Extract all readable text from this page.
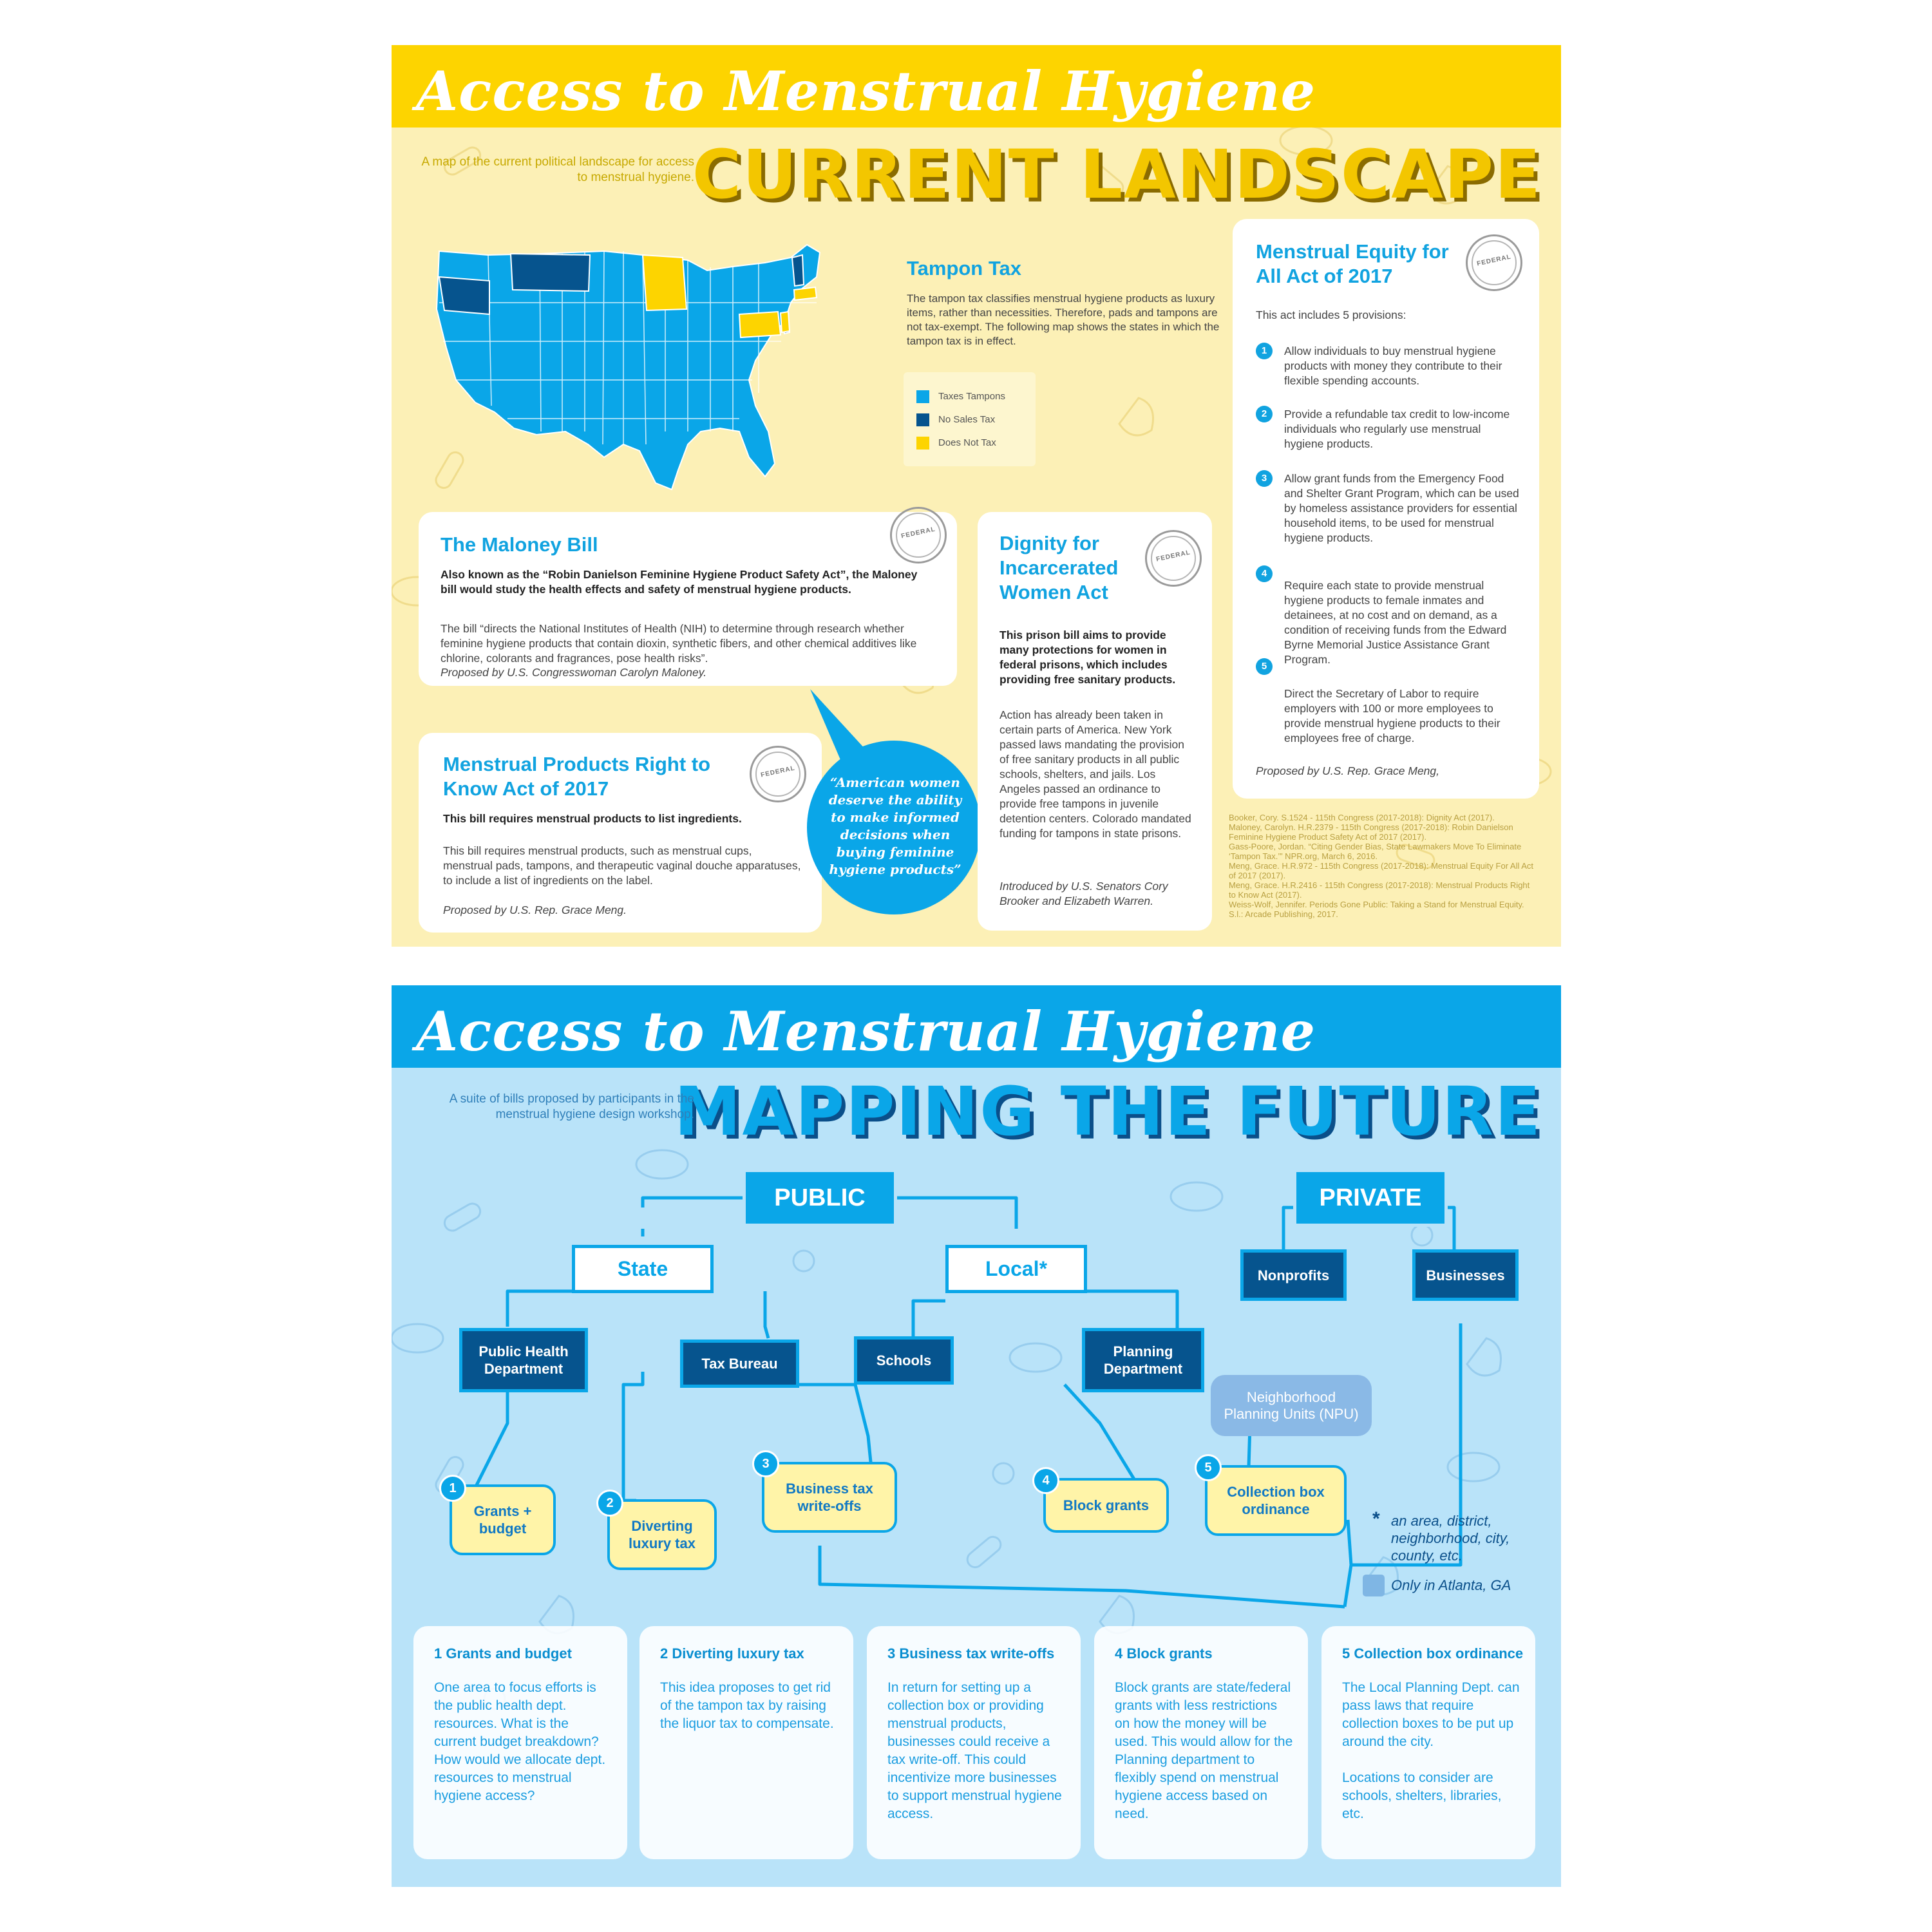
Access to Menstrual Hygiene
CURRENT LANDSCAPE
A map of the current political landscape for access to menstrual hygiene.
Tampon Tax
The tampon tax classifies menstrual hygiene products as luxury items, rather than necessities. Therefore, pads and tampons are not tax-exempt. The following map shows the states in which the tampon tax is in effect.
Taxes Tampons
No Sales Tax
Does Not Tax
The Maloney Bill
FEDERAL
Also known as the “Robin Danielson Feminine Hygiene Product Safety Act”, the Maloney bill would study the health effects and safety of menstrual hygiene products.
The bill “directs the National Institutes of Health (NIH) to determine through research whether feminine hygiene products that contain dioxin, synthetic fibers, and other chemical additives like chlorine, colorants and fragrances, pose health risks”.
Proposed by U.S. Congresswoman Carolyn Maloney.
Menstrual Products Right to Know Act of 2017
FEDERAL
This bill requires menstrual products to list ingredients.
This bill requires menstrual products, such as menstrual cups, menstrual pads, tampons, and therapeutic vaginal douche apparatuses, to include a list of ingredients on the label.
Proposed by U.S. Rep. Grace Meng.
“American women deserve the ability to make informed decisions when buying feminine hygiene products”
Dignity for Incarcerated Women Act
FEDERAL
This prison bill aims to provide many protections for women in federal prisons, which includes providing free sanitary products.
Action has already been taken in certain parts of America. New York passed laws mandating the provision of free sanitary products in all public schools, shelters, and jails. Los Angeles passed an ordinance to provide free tampons in juvenile detention centers. Colorado mandated funding for tampons in state prisons.
Introduced by U.S. Senators Cory Brooker and Elizabeth Warren.
Menstrual Equity for All Act of 2017
FEDERAL
This act includes 5 provisions:
1	Allow individuals to buy menstrual hygiene products with money they contribute to their flexible spending accounts.
2	Provide a refundable tax credit to low-income individuals who regularly use menstrual hygiene products.
3	Allow grant funds from the Emergency Food and Shelter Grant Program, which can be used by homeless assistance providers for essential household items, to be used for menstrual hygiene products.
4
Require each state to provide menstrual hygiene products to female inmates and detainees, at no cost and on demand, as a condition of receiving funds from the Edward Byrne Memorial Justice Assistance Grant Program.
5
Direct the Secretary of Labor to require employers with 100 or more employees to provide menstrual hygiene products to their employees free of charge.
Proposed by U.S. Rep. Grace Meng,
Booker, Cory. S.1524 - 115th Congress (2017-2018): Dignity Act (2017).
Maloney, Carolyn. H.R.2379 - 115th Congress (2017-2018): Robin Danielson Feminine Hygiene Product Safety Act of 2017 (2017).
Gass-Poore, Jordan. “Citing Gender Bias, State Lawmakers Move To Eliminate ‘Tampon Tax.’” NPR.org, March 6, 2016.
Meng, Grace. H.R.972 - 115th Congress (2017-2018): Menstrual Equity For All Act of 2017 (2017).
Meng, Grace. H.R.2416 - 115th Congress (2017-2018): Menstrual Products Right to Know Act (2017).
Weiss-Wolf, Jennifer. Periods Gone Public: Taking a Stand for Menstrual Equity. S.l.: Arcade Publishing, 2017.
Access to Menstrual Hygiene
MAPPING THE FUTURE
A suite of bills proposed by participants in the menstrual hygiene design workshop.
PUBLIC	PRIVATE
State	Local*	Nonprofits	Businesses
Public Health Department	Tax Bureau	Schools
Planning Department
Neighborhood Planning Units (NPU)
Grants + budget	Diverting luxury tax
Business tax write-offs	Block grants
Collection box ordinance
1
2
3
4
5
* an area, district, neighborhood, city, county, etc.
Only in Atlanta, GA
1 Grants and budget
One area to focus efforts is the public health dept. resources. What is the current budget breakdown? How would we allocate dept. resources to menstrual hygiene access?
2 Diverting luxury tax
This idea proposes to get rid of the tampon tax by raising the liquor tax to compensate.
3 Business tax write-offs
In return for setting up a collection box or providing menstrual products, businesses could receive a tax write-off. This could incentivize more businesses to support menstrual hygiene access.
4 Block grants
Block grants are state/federal grants with less restrictions on how the money will be used. This would allow for the Planning department to flexibly spend on menstrual hygiene access based on need.
5 Collection box ordinance
The Local Planning Dept. can pass laws that require collection boxes to be put up around the city.

Locations to consider are schools, shelters, libraries, etc.
